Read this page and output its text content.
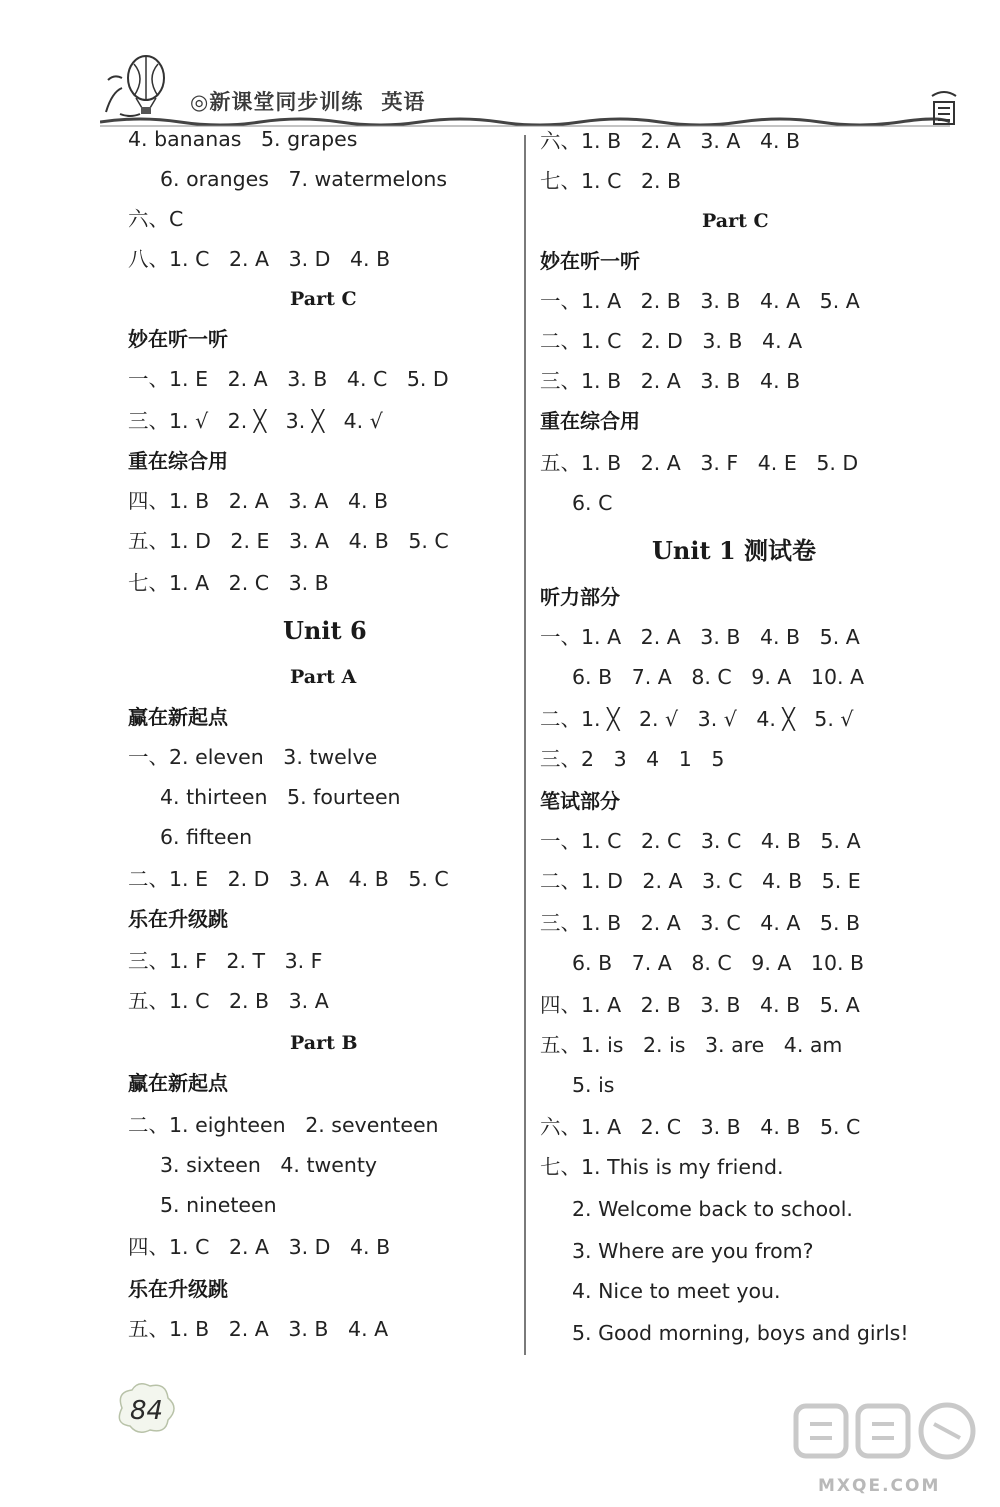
◎新课堂同步训练 英语
4. bananas   5. grapes
6. oranges   7. watermelons
六、C
八、1. C   2. A   3. D   4. B
Part C
妙在听一听
一、1. E   2. A   3. B   4. C   5. D
三、1. √   2. ╳   3. ╳   4. √
重在综合用
四、1. B   2. A   3. A   4. B
五、1. D   2. E   3. A   4. B   5. C
七、1. A   2. C   3. B
Unit 6
Part A
赢在新起点
一、2. eleven   3. twelve
4. thirteen   5. fourteen
6. fifteen
二、1. E   2. D   3. A   4. B   5. C
乐在升级跳
三、1. F   2. T   3. F
五、1. C   2. B   3. A
Part B
赢在新起点
二、1. eighteen   2. seventeen
3. sixteen   4. twenty
5. nineteen
四、1. C   2. A   3. D   4. B
乐在升级跳
五、1. B   2. A   3. B   4. A
六、1. B   2. A   3. A   4. B
七、1. C   2. B
Part C
妙在听一听
一、1. A   2. B   3. B   4. A   5. A
二、1. C   2. D   3. B   4. A
三、1. B   2. A   3. B   4. B
重在综合用
五、1. B   2. A   3. F   4. E   5. D
6. C
Unit 1 测试卷
听力部分
一、1. A   2. A   3. B   4. B   5. A
6. B   7. A   8. C   9. A   10. A
二、1. ╳   2. √   3. √   4. ╳   5. √
三、2   3   4   1   5
笔试部分
一、1. C   2. C   3. C   4. B   5. A
二、1. D   2. A   3. C   4. B   5. E
三、1. B   2. A   3. C   4. A   5. B
6. B   7. A   8. C   9. A   10. B
四、1. A   2. B   3. B   4. B   5. A
五、1. is   2. is   3. are   4. am
5. is
六、1. A   2. C   3. B   4. B   5. C
七、1. This is my friend.
2. Welcome back to school.
3. Where are you from?
4. Nice to meet you.
5. Good morning, boys and girls!
84
MXQE.COM
